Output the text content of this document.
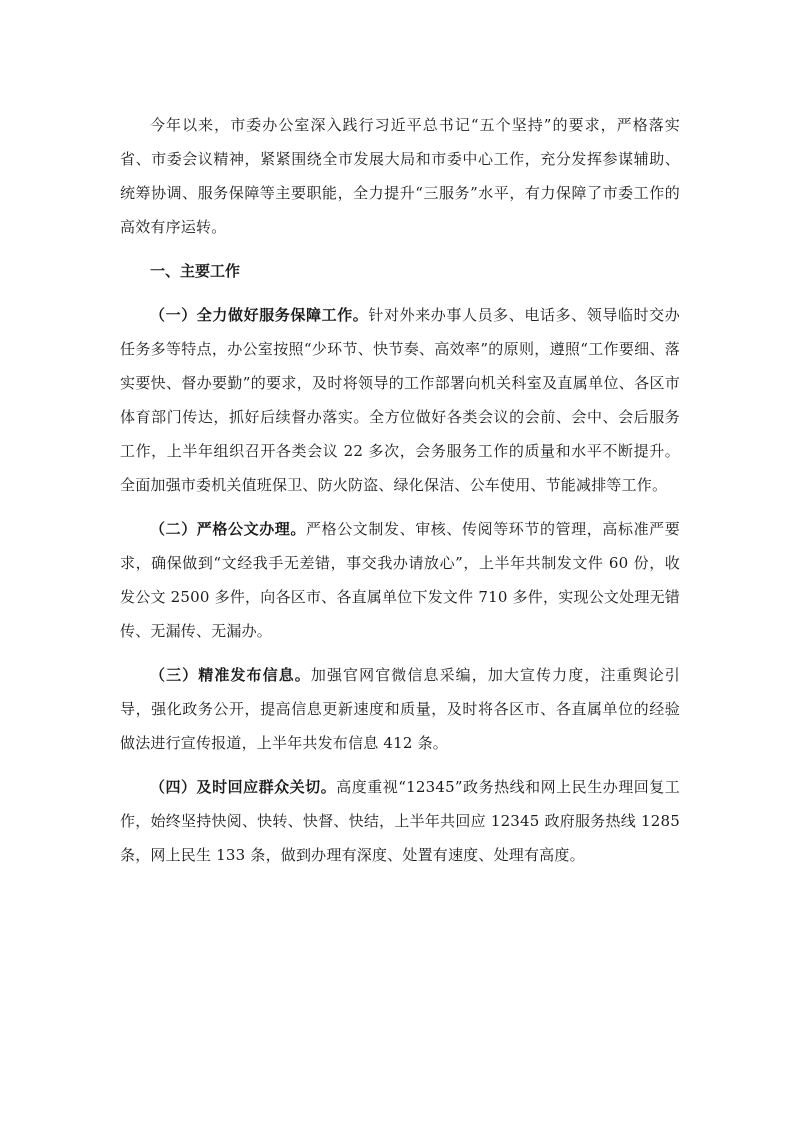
今年以来，市委办公室深入践行习近平总书记“五个坚持”的要求，严格落实省、市委会议精神，紧紧围绕全市发展大局和市委中心工作，充分发挥参谋辅助、统筹协调、服务保障等主要职能，全力提升“三服务”水平，有力保障了市委工作的高效有序运转。

一、主要工作

（一）全力做好服务保障工作。针对外来办事人员多、电话多、领导临时交办任务多等特点，办公室按照“少环节、快节奏、高效率”的原则，遵照“工作要细、落实要快、督办要勤”的要求，及时将领导的工作部署向机关科室及直属单位、各区市体育部门传达，抓好后续督办落实。全方位做好各类会议的会前、会中、会后服务工作，上半年组织召开各类会议 22 多次，会务服务工作的质量和水平不断提升。全面加强市委机关值班保卫、防火防盗、绿化保洁、公车使用、节能减排等工作。

（二）严格公文办理。严格公文制发、审核、传阅等环节的管理，高标准严要求，确保做到“文经我手无差错，事交我办请放心”，上半年共制发文件 60 份，收发公文 2500 多件，向各区市、各直属单位下发文件 710 多件，实现公文处理无错传、无漏传、无漏办。

（三）精准发布信息。加强官网官微信息采编，加大宣传力度，注重舆论引导，强化政务公开，提高信息更新速度和质量，及时将各区市、各直属单位的经验做法进行宣传报道，上半年共发布信息 412 条。

（四）及时回应群众关切。高度重视“12345”政务热线和网上民生办理回复工作，始终坚持快阅、快转、快督、快结，上半年共回应 12345 政府服务热线 1285 条，网上民生 133 条，做到办理有深度、处置有速度、处理有高度。
